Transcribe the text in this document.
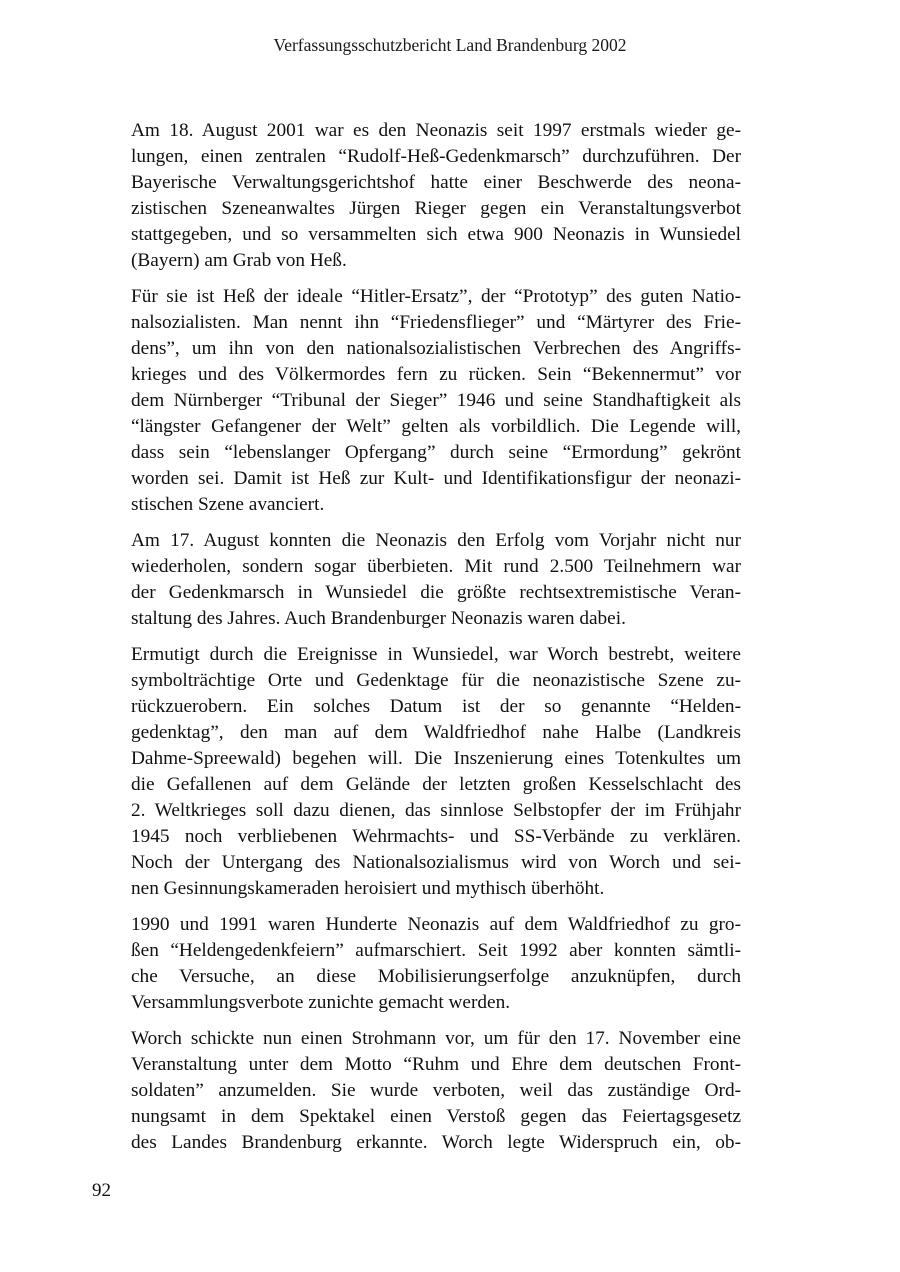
Verfassungsschutzbericht Land Brandenburg 2002

Am 18. August 2001 war es den Neonazis seit 1997 erstmals wieder ge-
lungen, einen zentralen “Rudolf-Heß-Gedenkmarsch” durchzuführen. Der
Bayerische Verwaltungsgerichtshof hatte einer Beschwerde des neona-
zistischen Szeneanwaltes Jürgen Rieger gegen ein Veranstaltungsverbot
stattgegeben, und so versammelten sich etwa 900 Neonazis in Wunsiedel
(Bayern) am Grab von Heß.

Für sie ist Heß der ideale “Hitler-Ersatz”, der “Prototyp” des guten Natio-
nalsozialisten. Man nennt ihn “Friedensflieger” und “Märtyrer des Frie-
dens”, um ihn von den nationalsozialistischen Verbrechen des Angriffs-
krieges und des Völkermordes fern zu rücken. Sein “Bekennermut” vor
dem Nürnberger “Tribunal der Sieger” 1946 und seine Standhaftigkeit als
“längster Gefangener der Welt” gelten als vorbildlich. Die Legende will,
dass sein “lebenslanger Opfergang” durch seine “Ermordung” gekrönt
worden sei. Damit ist Heß zur Kult- und Identifikationsfigur der neonazi-
stischen Szene avanciert.

Am 17. August konnten die Neonazis den Erfolg vom Vorjahr nicht nur
wiederholen, sondern sogar überbieten. Mit rund 2.500 Teilnehmern war
der Gedenkmarsch in Wunsiedel die größte rechtsextremistische Veran-
staltung des Jahres. Auch Brandenburger Neonazis waren dabei.

Ermutigt durch die Ereignisse in Wunsiedel, war Worch bestrebt, weitere
symbolträchtige Orte und Gedenktage für die neonazistische Szene zu-
rückzuerobern. Ein solches Datum ist der so genannte “Helden-
gedenktag”, den man auf dem Waldfriedhof nahe Halbe (Landkreis
Dahme-Spreewald) begehen will. Die Inszenierung eines Totenkultes um
die Gefallenen auf dem Gelände der letzten großen Kesselschlacht des
2. Weltkrieges soll dazu dienen, das sinnlose Selbstopfer der im Frühjahr
1945 noch verbliebenen Wehrmachts- und SS-Verbände zu verklären.
Noch der Untergang des Nationalsozialismus wird von Worch und sei-
nen Gesinnungskameraden heroisiert und mythisch überhöht.

1990 und 1991 waren Hunderte Neonazis auf dem Waldfriedhof zu gro-
ßen “Heldengedenkfeiern” aufmarschiert. Seit 1992 aber konnten sämtli-
che Versuche, an diese Mobilisierungserfolge anzuknüpfen, durch
Versammlungsverbote zunichte gemacht werden.

Worch schickte nun einen Strohmann vor, um für den 17. November eine
Veranstaltung unter dem Motto “Ruhm und Ehre dem deutschen Front-
soldaten” anzumelden. Sie wurde verboten, weil das zuständige Ord-
nungsamt in dem Spektakel einen Verstoß gegen das Feiertagsgesetz
des Landes Brandenburg erkannte. Worch legte Widerspruch ein, ob-

92
